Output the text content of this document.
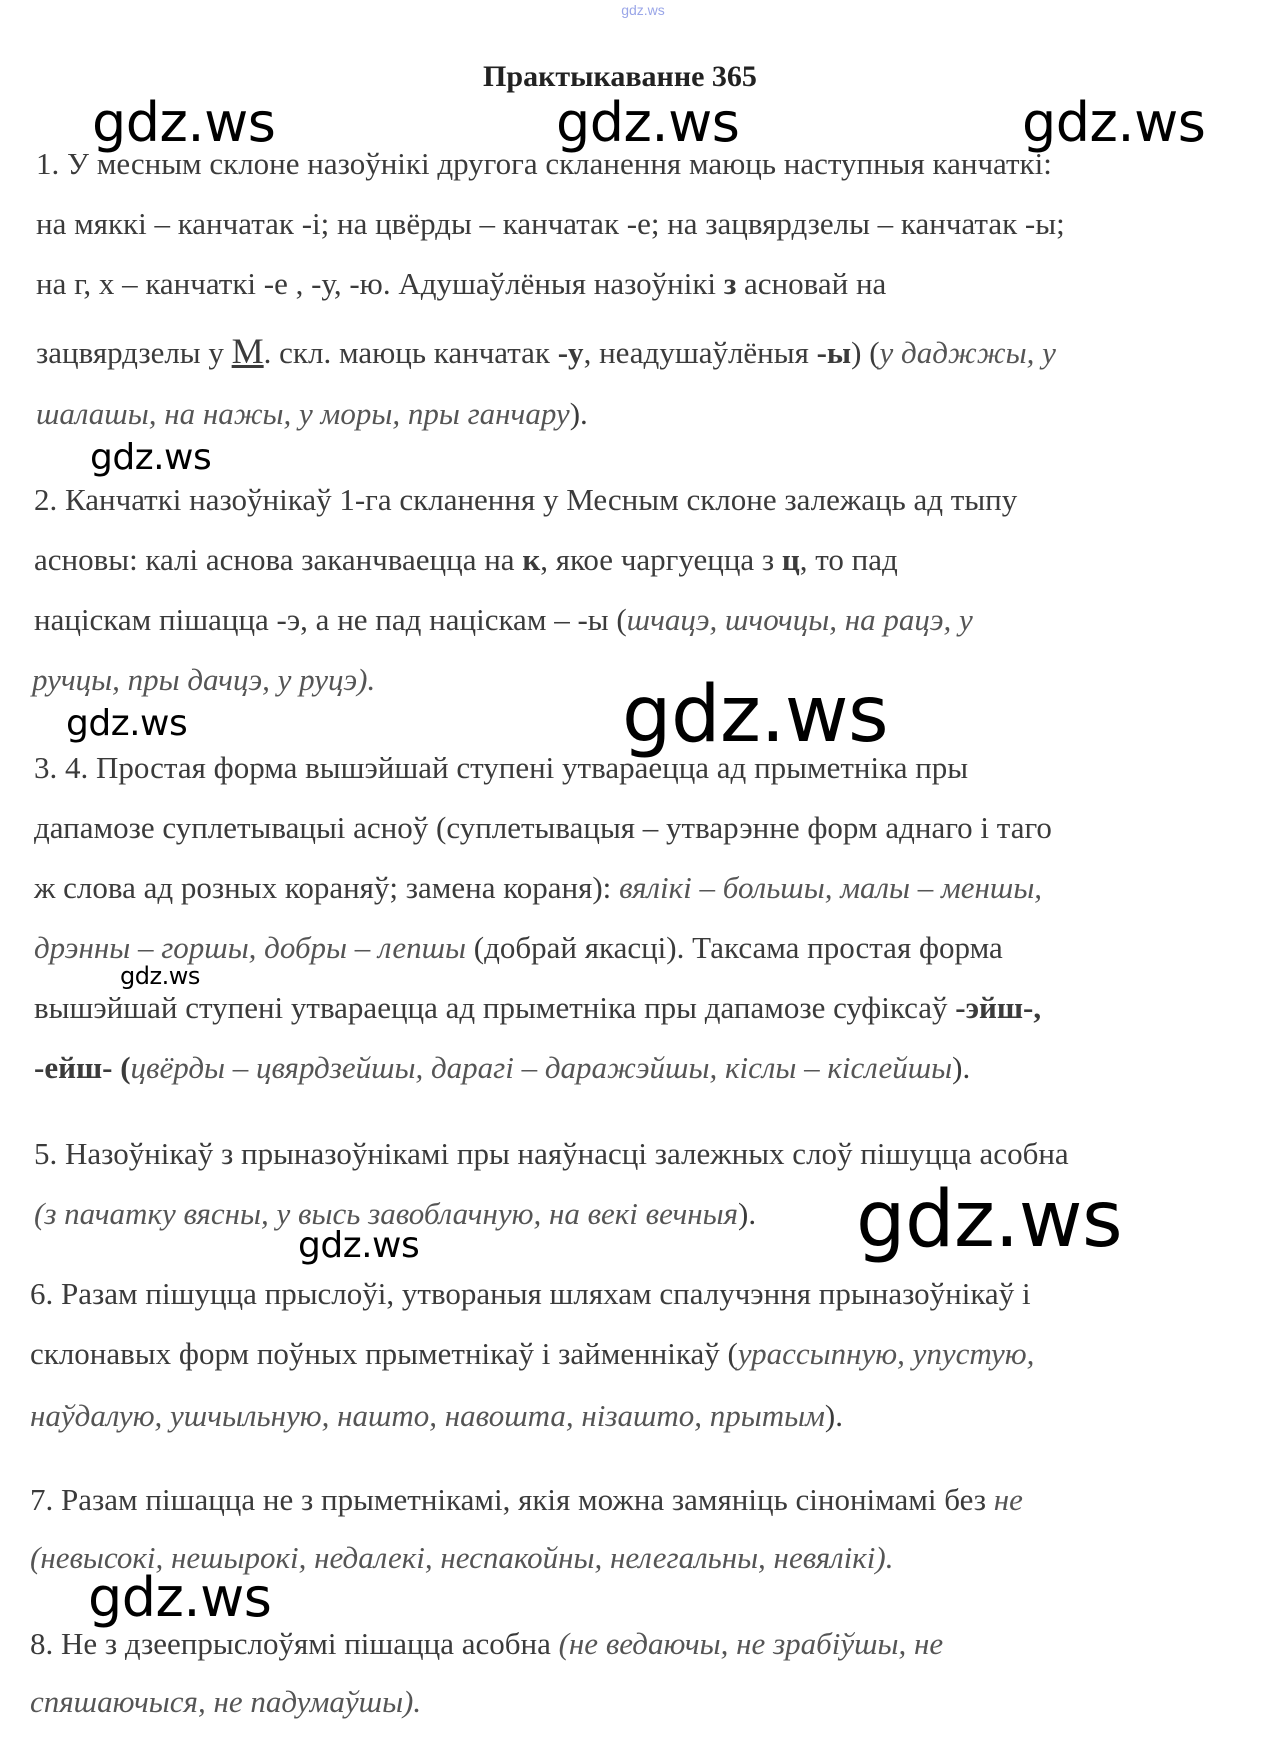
gdz.ws
Практыкаванне 365
gdz.ws	gdz.ws	gdz.ws
gdz.ws
gdz.ws
gdz.ws
gdz.ws
gdz.ws
gdz.ws
gdz.ws
1. У месным склоне назоўнікі другога скланення маюць наступныя канчаткі:
на мяккі – канчатак -і; на цвёрды – канчатак -е; на зацвярдзелы – канчатак -ы;
на г, х – канчаткі -е , -у, -ю. Адушаўлёныя назоўнікі з асновай на
зацвярдзелы у М. скл. маюць канчатак -у, неадушаўлёныя -ы) (у даджжы, у
шалашы, на нажы, у моры, пры ганчару).
2. Канчаткі назоўнікаў 1-га скланення у Месным склоне залежаць ад тыпу
асновы: калі аснова заканчваецца на к, якое чаргуецца з ц, то пад
націскам пішацца -э, а не пад націскам – -ы (шчацэ, шчочцы, на рацэ, у
ручцы, пры дачцэ, у руцэ).
3. 4. Простая форма вышэйшай ступені утвараецца ад прыметніка пры
дапамозе суплетывацыі асноў (суплетывацыя – утварэнне форм аднаго і таго
ж слова ад розных кораняў; замена кораня): вялікі – большы, малы – меншы,
дрэнны – горшы, добры – лепшы (добрай якасці). Таксама простая форма
вышэйшай ступені утвараецца ад прыметніка пры дапамозе суфіксаў -эйш-,
-ейш- (цвёрды – цвярдзейшы, дарагі – даражэйшы, кіслы – кіслейшы).
5. Назоўнікаў з прыназоўнікамі пры наяўнасці залежных слоў пішуцца асобна
(з пачатку вясны, у высь завоблачную, на векі вечныя).
6. Разам пішуцца прыслоўі, утвораныя шляхам спалучэння прыназоўнікаў і
склонавых форм поўных прыметнікаў і займеннікаў (урассыпную, упустую,
наўдалую, ушчыльную, нашто, навошта, нізашто, прытым).
7. Разам пішацца не з прыметнікамі, якія можна замяніць сінонімамі без не
(невысокі, нешырокі, недалекі, неспакойны, нелегальны, невялікі).
8. Не з дзеепрыслоўямі пішацца асобна (не ведаючы, не зрабіўшы, не
спяшаючыся, не падумаўшы).
